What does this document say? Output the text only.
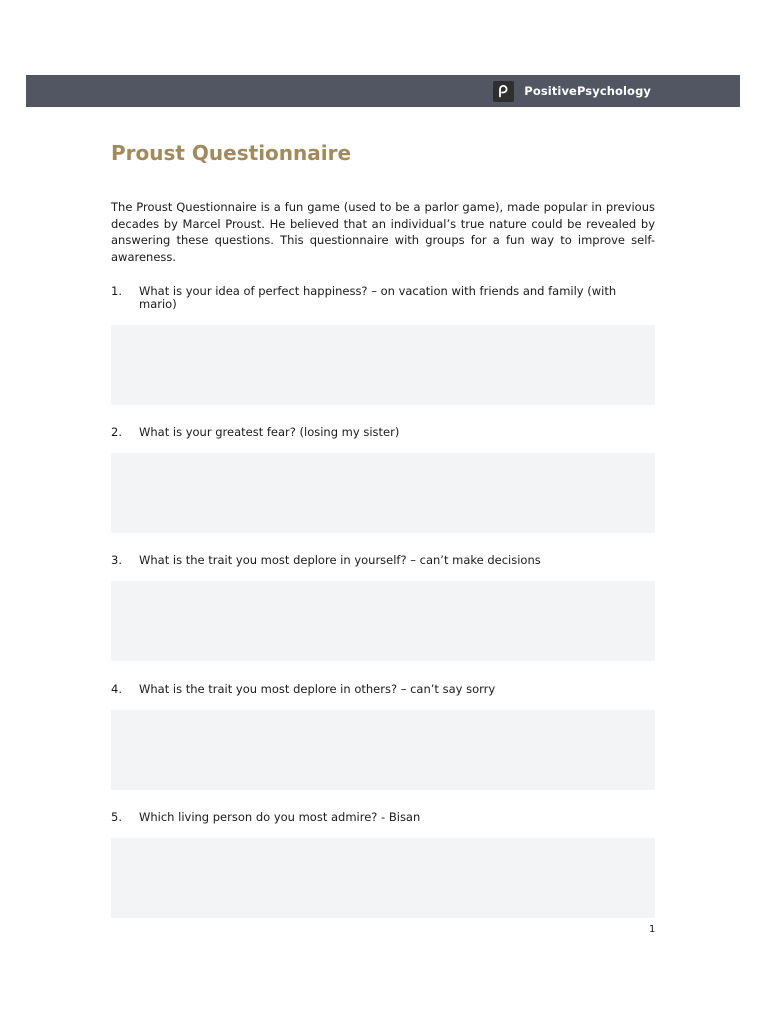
PositivePsychology
Proust Questionnaire

The Proust Questionnaire is a fun game (used to be a parlor game), made popular in previous decades by Marcel Proust. He believed that an individual’s true nature could be revealed by answering these questions. This questionnaire with groups for a fun way to improve self-awareness.

1. What is your idea of perfect happiness? – on vacation with friends and family (with mario)
2. What is your greatest fear? (losing my sister)
3. What is the trait you most deplore in yourself? – can’t make decisions
4. What is the trait you most deplore in others? – can’t say sorry
5. Which living person do you most admire? - Bisan
1
